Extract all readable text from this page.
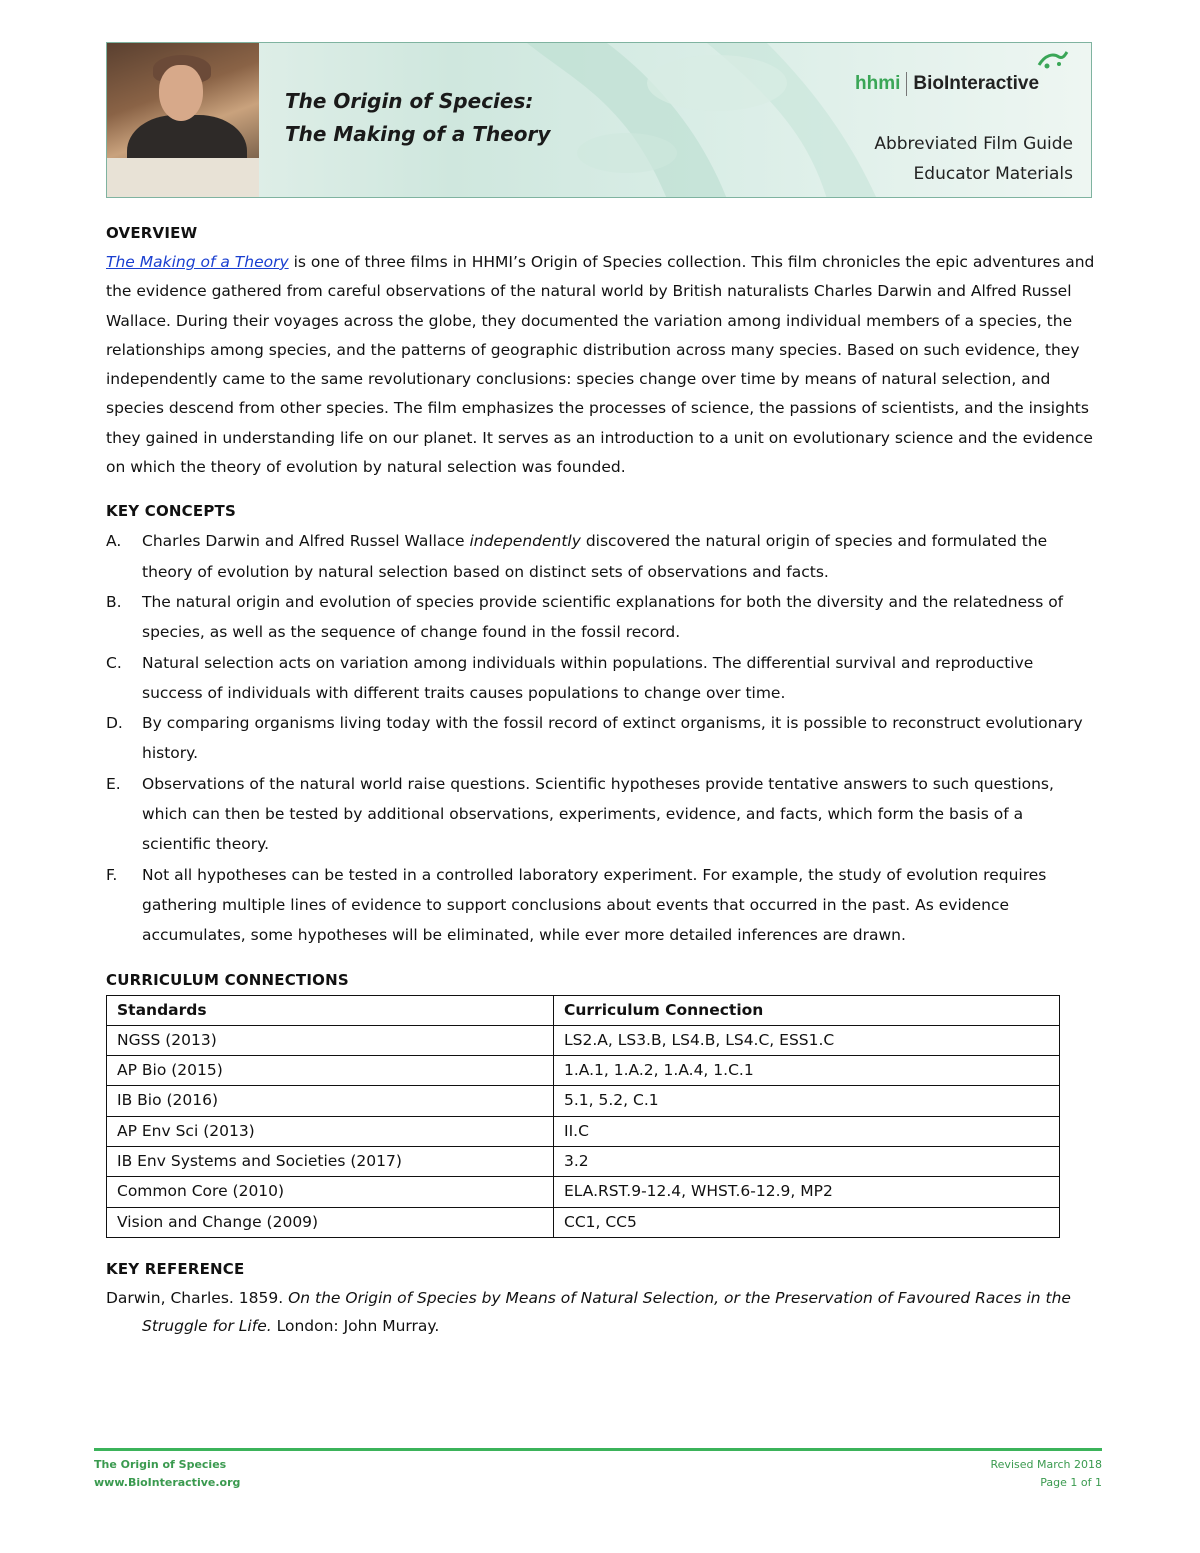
The Origin of Species:
The Making of a Theory
hhmi BioInteractive
Abbreviated Film Guide
Educator Materials
OVERVIEW

The Making of a Theory is one of three films in HHMI’s Origin of Species collection. This film chronicles the epic adventures and the evidence gathered from careful observations of the natural world by British naturalists Charles Darwin and Alfred Russel Wallace. During their voyages across the globe, they documented the variation among individual members of a species, the relationships among species, and the patterns of geographic distribution across many species. Based on such evidence, they independently came to the same revolutionary conclusions: species change over time by means of natural selection, and species descend from other species. The film emphasizes the processes of science, the passions of scientists, and the insights they gained in understanding life on our planet. It serves as an introduction to a unit on evolutionary science and the evidence on which the theory of evolution by natural selection was founded.

KEY CONCEPTS
A. Charles Darwin and Alfred Russel Wallace independently discovered the natural origin of species and formulated the theory of evolution by natural selection based on distinct sets of observations and facts.
B. The natural origin and evolution of species provide scientific explanations for both the diversity and the relatedness of species, as well as the sequence of change found in the fossil record.
C. Natural selection acts on variation among individuals within populations. The differential survival and reproductive success of individuals with different traits causes populations to change over time.
D. By comparing organisms living today with the fossil record of extinct organisms, it is possible to reconstruct evolutionary history.
E. Observations of the natural world raise questions. Scientific hypotheses provide tentative answers to such questions, which can then be tested by additional observations, experiments, evidence, and facts, which form the basis of a scientific theory.
F. Not all hypotheses can be tested in a controlled laboratory experiment. For example, the study of evolution requires gathering multiple lines of evidence to support conclusions about events that occurred in the past. As evidence accumulates, some hypotheses will be eliminated, while ever more detailed inferences are drawn.
CURRICULUM CONNECTIONS
Standards	Curriculum Connection
NGSS (2013)	LS2.A, LS3.B, LS4.B, LS4.C, ESS1.C
AP Bio (2015)	1.A.1, 1.A.2, 1.A.4, 1.C.1
IB Bio (2016)	5.1, 5.2, C.1
AP Env Sci (2013)	II.C
IB Env Systems and Societies (2017)	3.2
Common Core (2010)	ELA.RST.9-12.4, WHST.6-12.9, MP2
Vision and Change (2009)	CC1, CC5
KEY REFERENCE

Darwin, Charles. 1859. On the Origin of Species by Means of Natural Selection, or the Preservation of Favoured Races in the Struggle for Life. London: John Murray.

The Origin of Species
www.BioInteractive.org
Revised March 2018
Page 1 of 1
